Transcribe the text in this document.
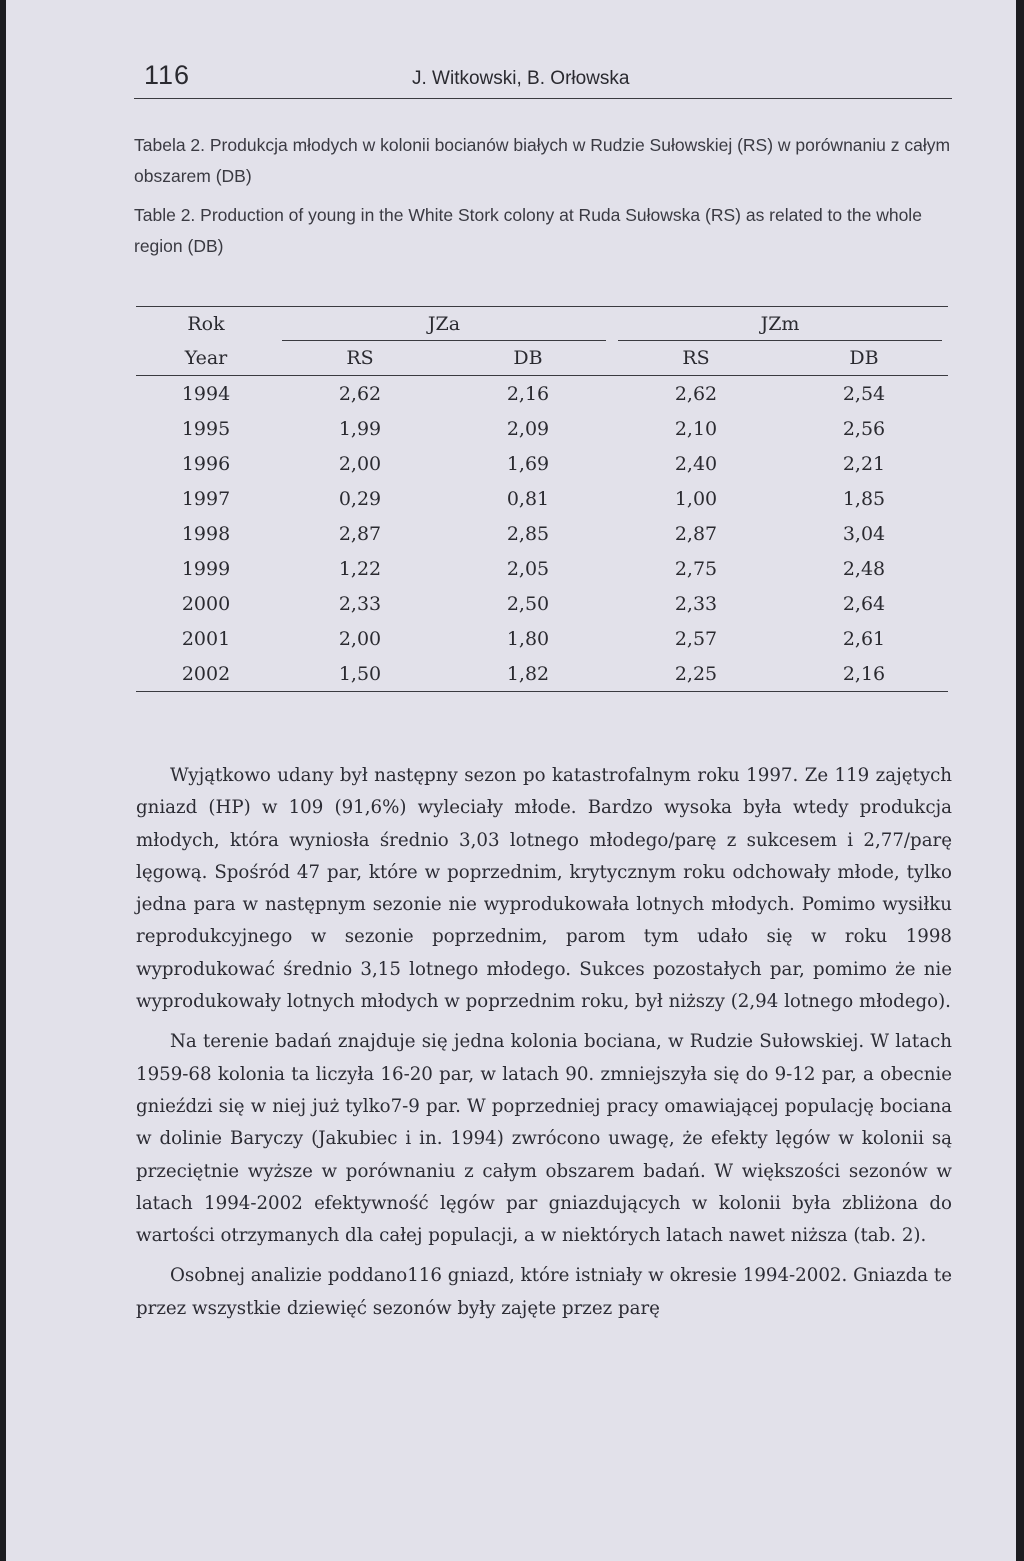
116	J. Witkowski, B. Orłowska
Tabela 2. Produkcja młodych w kolonii bocianów białych w Rudzie Sułowskiej (RS) w porównaniu z całym obszarem (DB)
Table 2. Production of young in the White Stork colony at Ruda Sułowska (RS) as related to the whole region (DB)

Rok	JZa		JZm	
Year	RS	DB	RS	DB
1994	2,62	2,16	2,62	2,54
1995	1,99	2,09	2,10	2,56
1996	2,00	1,69	2,40	2,21
1997	0,29	0,81	1,00	1,85
1998	2,87	2,85	2,87	3,04
1999	1,22	2,05	2,75	2,48
2000	2,33	2,50	2,33	2,64
2001	2,00	1,80	2,57	2,61
2002	1,50	1,82	2,25	2,16

Wyjątkowo udany był następny sezon po katastrofalnym roku 1997. Ze 119 zajętych gniazd (HP) w 109 (91,6%) wyleciały młode. Bardzo wysoka była wtedy produkcja młodych, która wyniosła średnio 3,03 lotnego młodego/parę z sukcesem i 2,77/parę lęgową. Spośród 47 par, które w poprzednim, krytycznym roku odchowały młode, tylko jedna para w następnym sezonie nie wyprodukowała lotnych młodych. Pomimo wysiłku reprodukcyjnego w sezonie poprzednim, parom tym udało się w roku 1998 wyprodukować średnio 3,15 lotnego młodego. Sukces pozostałych par, pomimo że nie wyprodukowały lotnych młodych w poprzednim roku, był niższy (2,94 lotnego młodego).

Na terenie badań znajduje się jedna kolonia bociana, w Rudzie Sułowskiej. W latach 1959-68 kolonia ta liczyła 16-20 par, w latach 90. zmniejszyła się do 9-12 par, a obecnie gnieździ się w niej już tylko7-9 par. W poprzedniej pracy omawiającej populację bociana w dolinie Baryczy (Jakubiec i in. 1994) zwrócono uwagę, że efekty lęgów w kolonii są przeciętnie wyższe w porównaniu z całym obszarem badań. W większości sezonów w latach 1994-2002 efektywność lęgów par gniazdujących w kolonii była zbliżona do wartości otrzymanych dla całej populacji, a w niektórych latach nawet niższa (tab. 2).

Osobnej analizie poddano116 gniazd, które istniały w okresie 1994-2002. Gniazda te przez wszystkie dziewięć sezonów były zajęte przez parę
